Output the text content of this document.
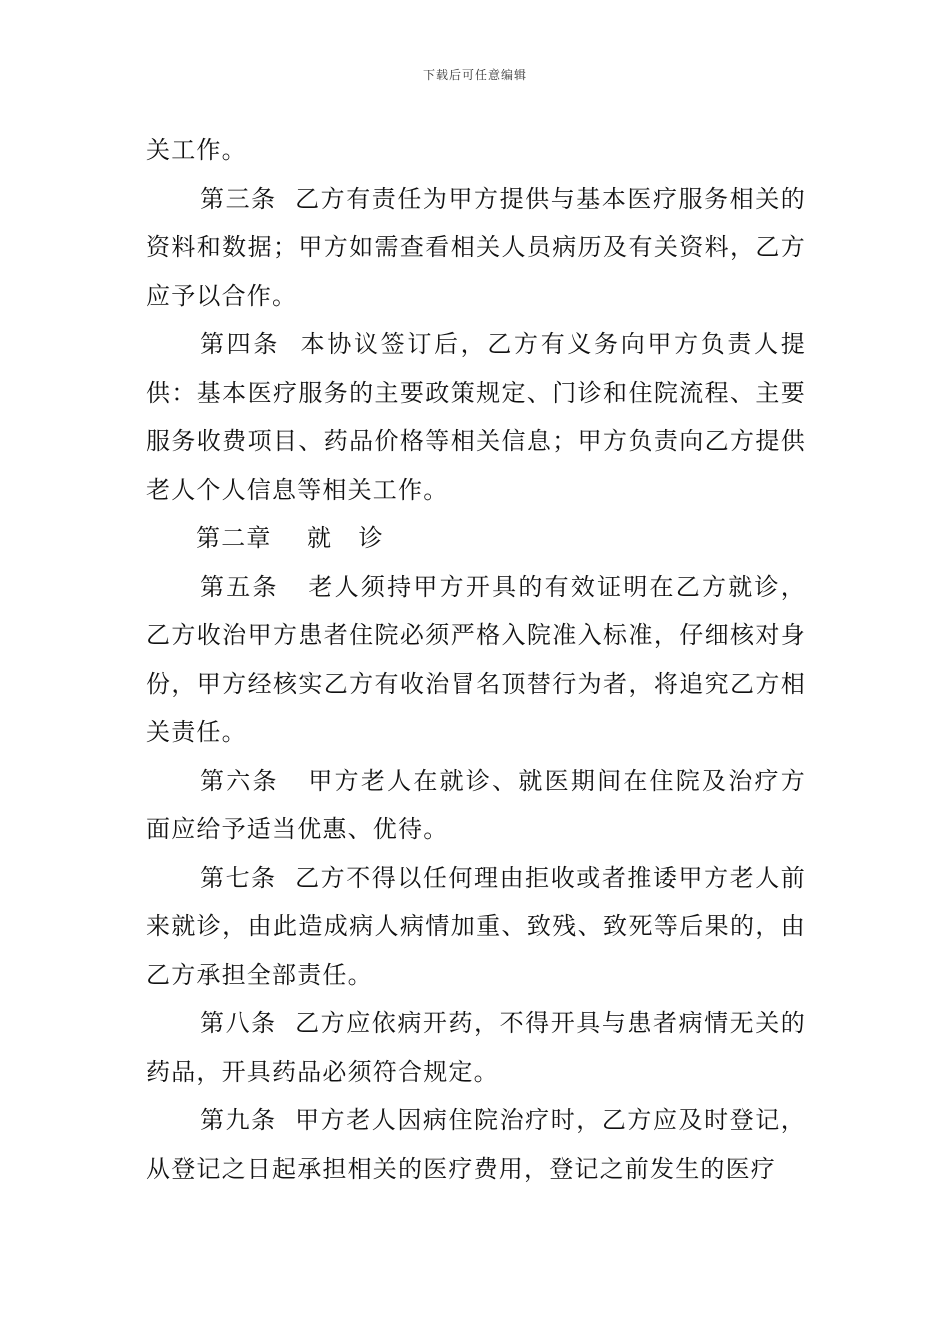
下载后可任意编辑

关工作。

第三条 乙方有责任为甲方提供与基本医疗服务相关的资料和数据；甲方如需查看相关人员病历及有关资料，乙方应予以合作。

第四条 本协议签订后，乙方有义务向甲方负责人提供：基本医疗服务的主要政策规定、门诊和住院流程、主要服务收费项目、药品价格等相关信息；甲方负责向乙方提供老人个人信息等相关工作。

第二章 就   诊

第五条 老人须持甲方开具的有效证明在乙方就诊，乙方收治甲方患者住院必须严格入院准入标准，仔细核对身份，甲方经核实乙方有收治冒名顶替行为者，将追究乙方相关责任。

第六条 甲方老人在就诊、就医期间在住院及治疗方面应给予适当优惠、优待。

第七条 乙方不得以任何理由拒收或者推诿甲方老人前来就诊，由此造成病人病情加重、致残、致死等后果的，由乙方承担全部责任。

第八条 乙方应依病开药，不得开具与患者病情无关的药品，开具药品必须符合规定。

第九条 甲方老人因病住院治疗时，乙方应及时登记，从登记之日起承担相关的医疗费用，登记之前发生的医疗
